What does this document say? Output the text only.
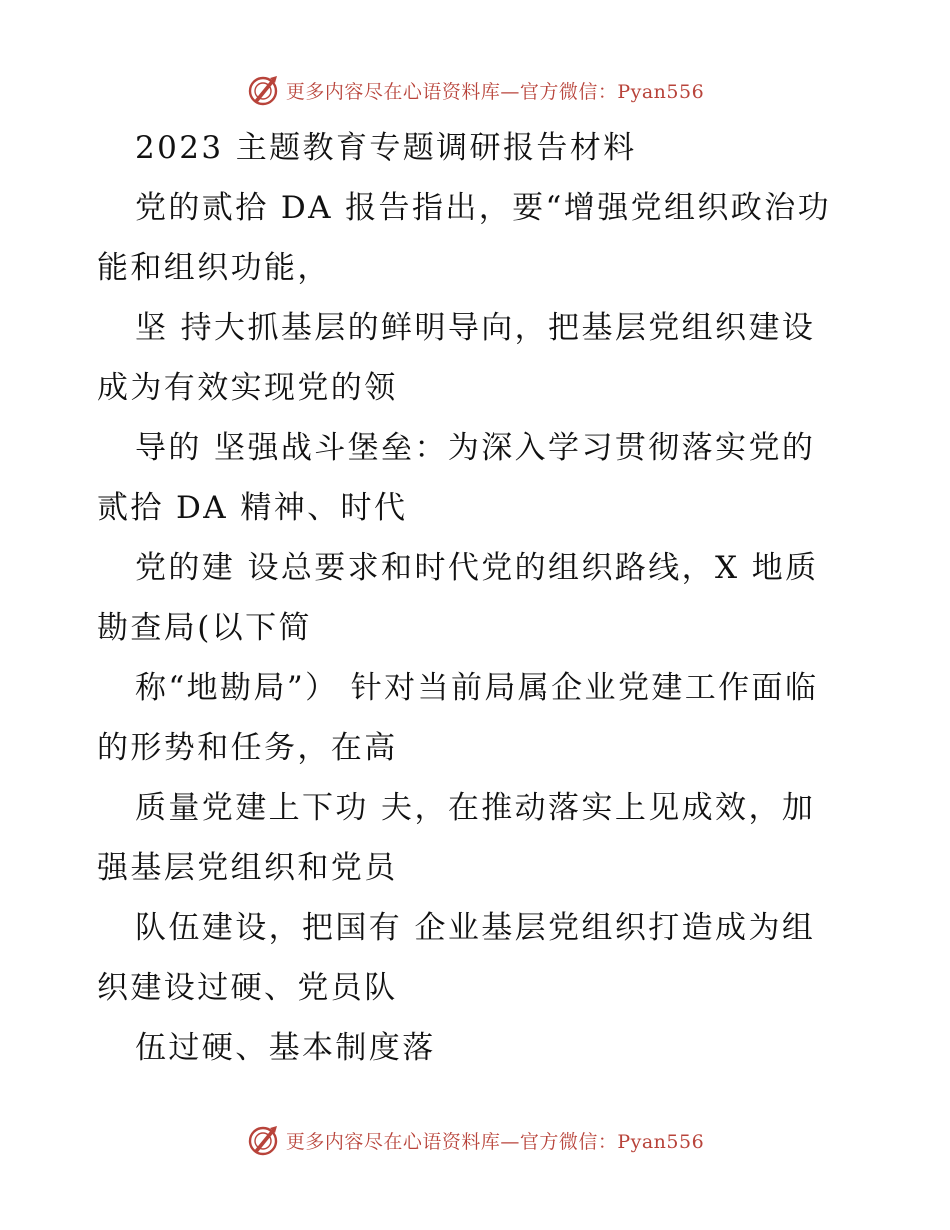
更多内容尽在心语资料库—官方微信：Pyan556
2023 主题教育专题调研报告材料
党的贰拾 DA 报告指出，要“增强党组织政治功
能和组织功能，
坚 持大抓基层的鲜明导向，把基层党组织建设
成为有效实现党的领
导的 坚强战斗堡垒：为深入学习贯彻落实党的
贰拾 DA 精神、时代
党的建 设总要求和时代党的组织路线，X 地质
勘查局(以下简
称“地勘局”） 针对当前局属企业党建工作面临
的形势和任务，在高
质量党建上下功 夫，在推动落实上见成效，加
强基层党组织和党员
队伍建设，把国有 企业基层党组织打造成为组
织建设过硬、党员队
伍过硬、基本制度落
更多内容尽在心语资料库—官方微信：Pyan556
